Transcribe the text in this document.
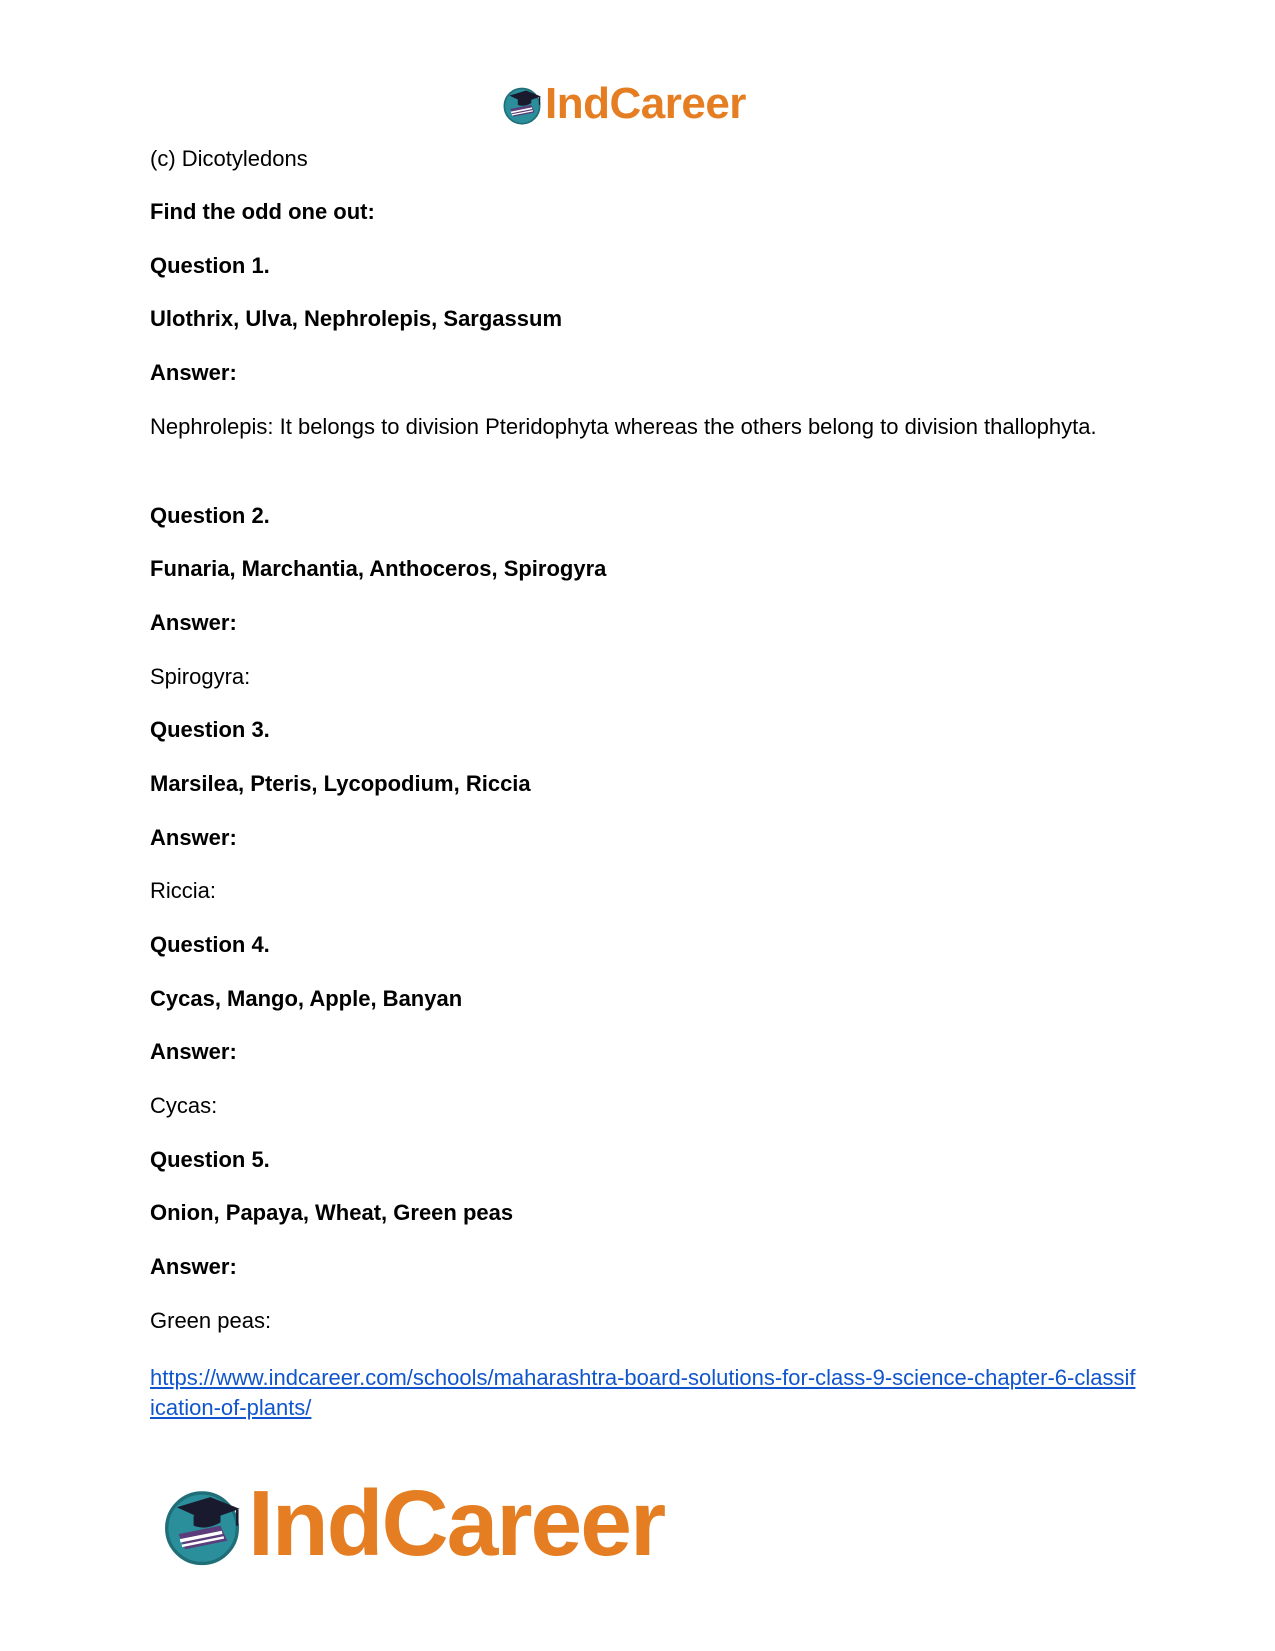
IndCareer

(c) Dicotyledons

Find the odd one out:

Question 1.

Ulothrix, Ulva, Nephrolepis, Sargassum

Answer:

Nephrolepis: It belongs to division Pteridophyta whereas the others belong to division thallophyta.

Question 2.

Funaria, Marchantia, Anthoceros, Spirogyra

Answer:

Spirogyra:

Question 3.

Marsilea, Pteris, Lycopodium, Riccia

Answer:

Riccia:

Question 4.

Cycas, Mango, Apple, Banyan

Answer:

Cycas:

Question 5.

Onion, Papaya, Wheat, Green peas

Answer:

Green peas:

https://www.indcareer.com/schools/maharashtra-board-solutions-for-class-9-science-chapter-6-classification-of-plants/

IndCareer
